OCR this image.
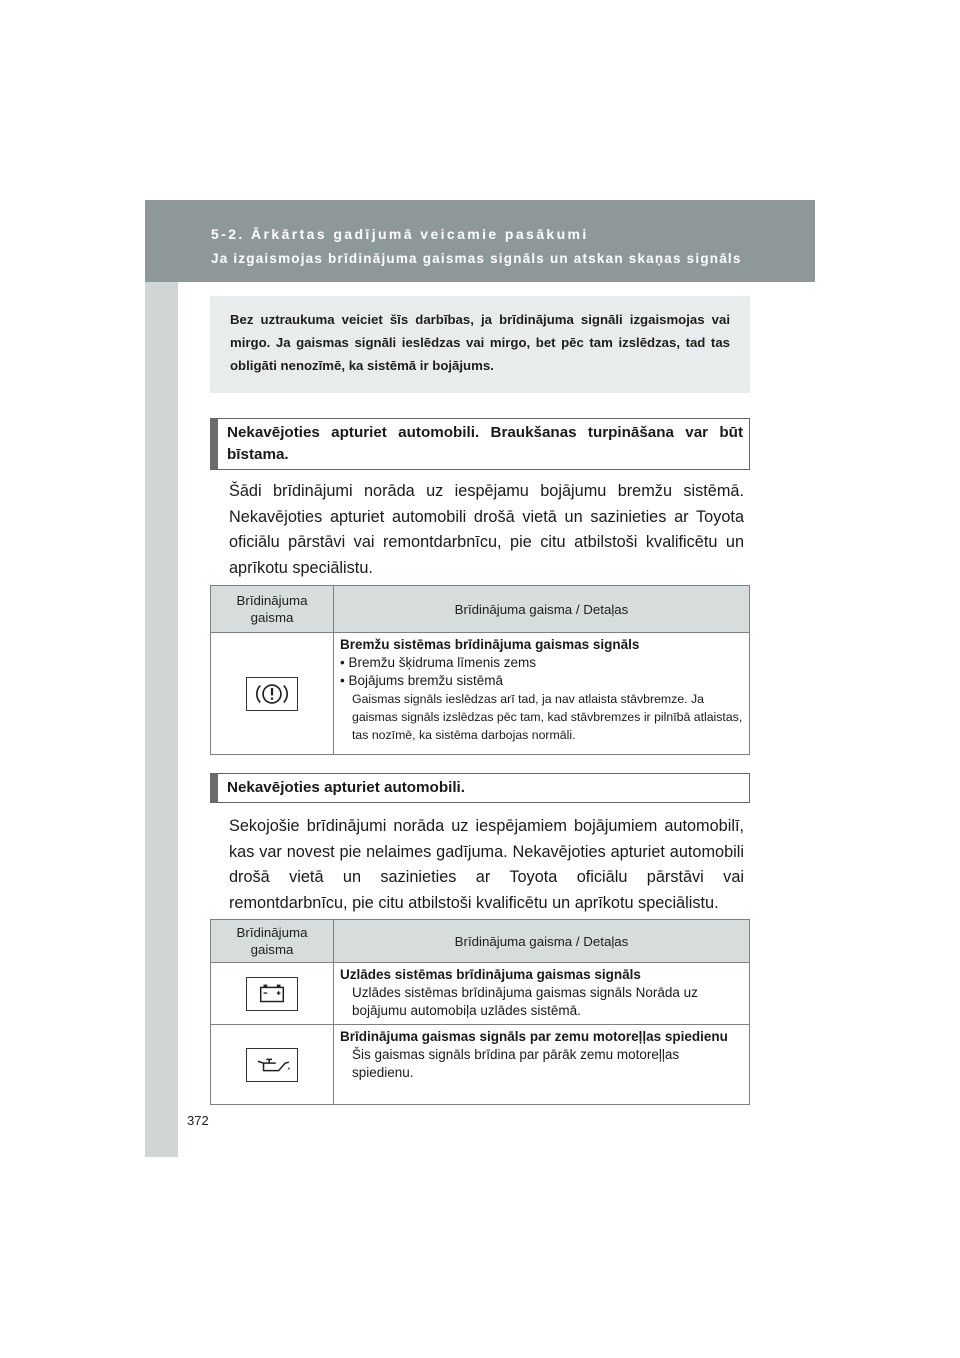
5-2. Ārkārtas gadījumā veicamie pasākumi
Ja izgaismojas brīdinājuma gaismas signāls un atskan skaņas signāls
Bez uztraukuma veiciet šīs darbības, ja brīdinājuma signāli izgaismojas vai mirgo. Ja gaismas signāli ieslēdzas vai mirgo, bet pēc tam izslēdzas, tad tas obligāti nenozīmē, ka sistēmā ir bojājums.
Nekavējoties apturiet automobili. Braukšanas turpināšana var būt bīstama.
Šādi brīdinājumi norāda uz iespējamu bojājumu bremžu sistēmā. Nekavējoties apturiet automobili drošā vietā un sazinieties ar Toyota oficiālu pārstāvi vai remontdarbnīcu, pie citu atbilstoši kvalificētu un aprīkotu speciālistu.
Brīdinājuma gaisma	Brīdinājuma gaisma / Detaļas

Bremžu sistēmas brīdinājuma gaismas signāls
• Bremžu šķidruma līmenis zems
• Bojājums bremžu sistēmā
Gaismas signāls ieslēdzas arī tad, ja nav atlaista stāvbremze. Ja gaismas signāls izslēdzas pēc tam, kad stāvbremzes ir pilnībā atlaistas, tas nozīmē, ka sistēma darbojas normāli.
Nekavējoties apturiet automobili.
Sekojošie brīdinājumi norāda uz iespējamiem bojājumiem automobilī, kas var novest pie nelaimes gadījuma. Nekavējoties apturiet automobili drošā vietā un sazinieties ar Toyota oficiālu pārstāvi vai remontdarbnīcu, pie citu atbilstoši kvalificētu un aprīkotu speciālistu.
Brīdinājuma gaisma	Brīdinājuma gaisma / Detaļas

Uzlādes sistēmas brīdinājuma gaismas signāls
Uzlādes sistēmas brīdinājuma gaismas signāls Norāda uz bojājumu automobiļa uzlādes sistēmā.

Brīdinājuma gaismas signāls par zemu motoreļļas spiedienu
Šis gaismas signāls brīdina par pārāk zemu motoreļļas spiedienu.
372
